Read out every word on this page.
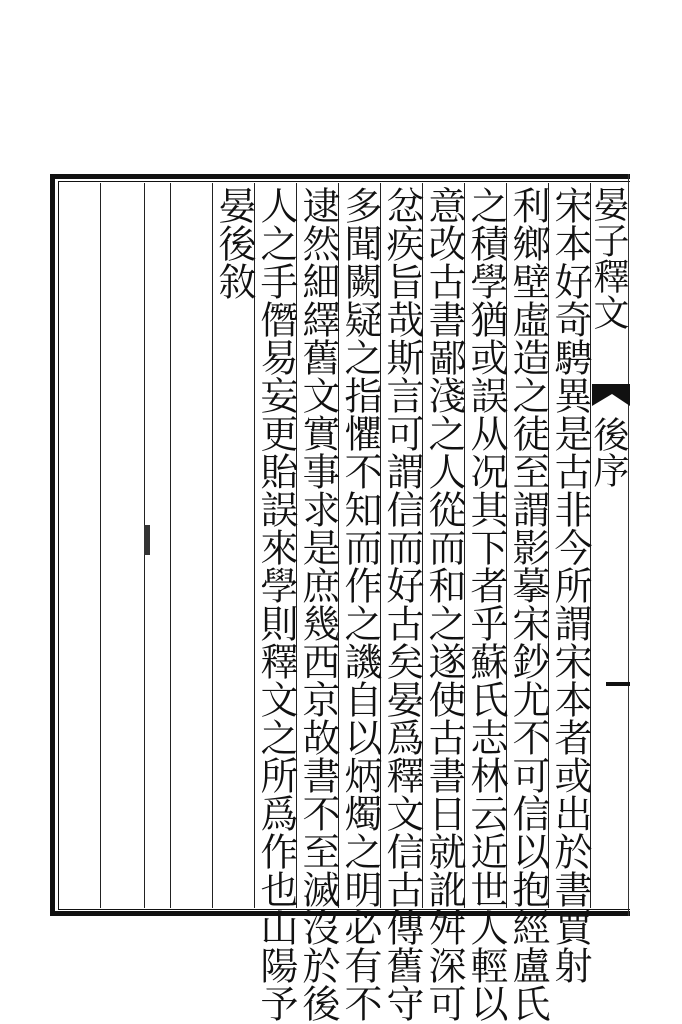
晏子釋文
後序
宋本好奇騁異是古非今所謂宋本者或出於書賈射
利鄉壁虛造之徒至謂影摹宋鈔尤不可信以抱經盧氏
之積學猶或誤从况其下者乎蘇氏志林云近世人輕以
意改古書鄙淺之人從而和之遂使古書日就訛舛深可
忿疾旨哉斯言可謂信而好古矣晏爲釋文信古傳舊守
多聞闕疑之指懼不知而作之譏自以炳燭之明必有不
逮然細繹舊文實事求是庶幾西京故書不至滅沒於後
人之手僭易妄更貽誤來學則釋文之所爲作也山陽予
晏後敘
